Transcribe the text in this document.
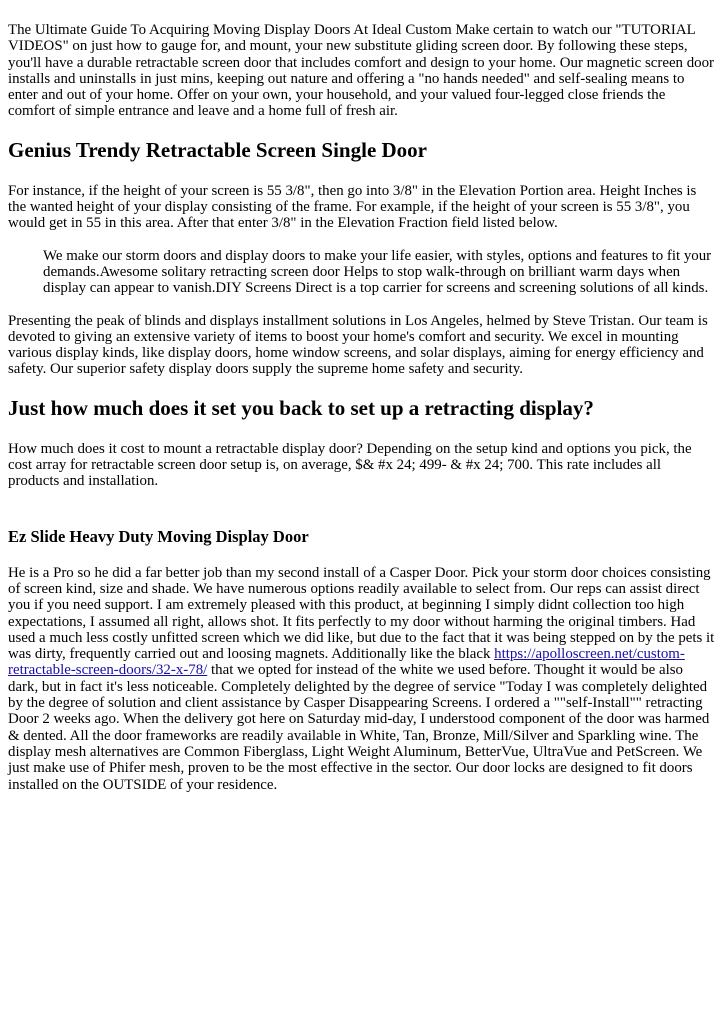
The Ultimate Guide To Acquiring Moving Display Doors At Ideal Custom Make certain to watch our "TUTORIAL VIDEOS" on just how to gauge for, and mount, your new substitute gliding screen door. By following these steps, you'll have a durable retractable screen door that includes comfort and design to your home. Our magnetic screen door installs and uninstalls in just mins, keeping out nature and offering a "no hands needed" and self-sealing means to enter and out of your home. Offer on your own, your household, and your valued four-legged close friends the comfort of simple entrance and leave and a home full of fresh air.

Genius Trendy Retractable Screen Single Door

For instance, if the height of your screen is 55 3/8", then go into 3/8" in the Elevation Portion area. Height Inches is the wanted height of your display consisting of the frame. For example, if the height of your screen is 55 3/8", you would get in 55 in this area. After that enter 3/8" in the Elevation Fraction field listed below.

We make our storm doors and display doors to make your life easier, with styles, options and features to fit your demands.Awesome solitary retracting screen door Helps to stop walk-through on brilliant warm days when display can appear to vanish.DIY Screens Direct is a top carrier for screens and screening solutions of all kinds.

Presenting the peak of blinds and displays installment solutions in Los Angeles, helmed by Steve Tristan. Our team is devoted to giving an extensive variety of items to boost your home's comfort and security. We excel in mounting various display kinds, like display doors, home window screens, and solar displays, aiming for energy efficiency and safety. Our superior safety display doors supply the supreme home safety and security.

Just how much does it set you back to set up a retracting display?

How much does it cost to mount a retractable display door? Depending on the setup kind and options you pick, the cost array for retractable screen door setup is, on average, $& #x 24; 499- & #x 24; 700. This rate includes all products and installation.

Ez Slide Heavy Duty Moving Display Door

He is a Pro so he did a far better job than my second install of a Casper Door. Pick your storm door choices consisting of screen kind, size and shade. We have numerous options readily available to select from. Our reps can assist direct you if you need support. I am extremely pleased with this product, at beginning I simply didnt collection too high expectations, I assumed all right, allows shot. It fits perfectly to my door without harming the original timbers. Had used a much less costly unfitted screen which we did like, but due to the fact that it was being stepped on by the pets it was dirty, frequently carried out and loosing magnets. Additionally like the black https://apolloscreen.net/custom-retractable-screen-doors/32-x-78/ that we opted for instead of the white we used before. Thought it would be also dark, but in fact it's less noticeable. Completely delighted by the degree of service "Today I was completely delighted by the degree of solution and client assistance by Casper Disappearing Screens. I ordered a ""self-Install"" retracting Door 2 weeks ago. When the delivery got here on Saturday mid-day, I understood component of the door was harmed & dented. All the door frameworks are readily available in White, Tan, Bronze, Mill/Silver and Sparkling wine. The display mesh alternatives are Common Fiberglass, Light Weight Aluminum, BetterVue, UltraVue and PetScreen. We just make use of Phifer mesh, proven to be the most effective in the sector. Our door locks are designed to fit doors installed on the OUTSIDE of your residence.
